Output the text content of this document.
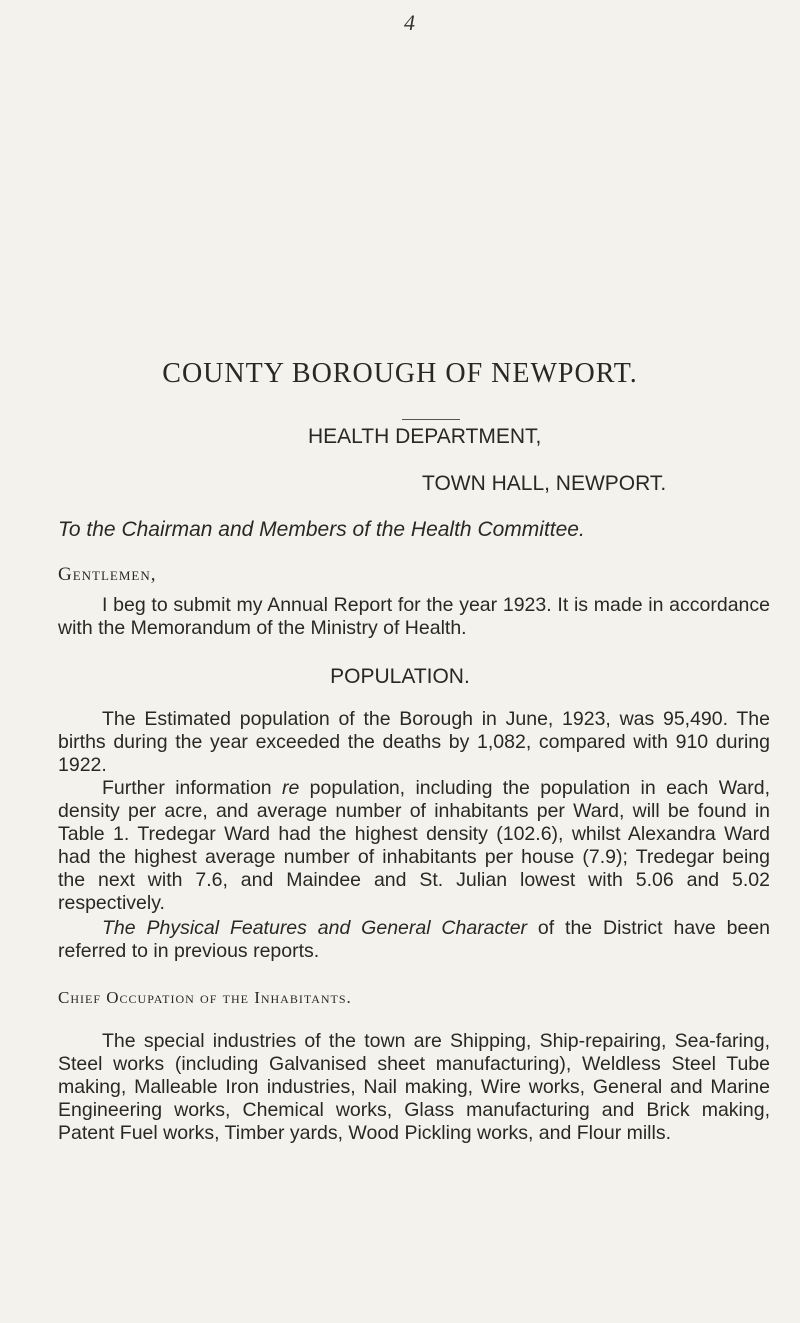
4
COUNTY BOROUGH OF NEWPORT.
HEALTH DEPARTMENT,
TOWN HALL, NEWPORT.
To the Chairman and Members of the Health Committee.
Gentlemen,
I beg to submit my Annual Report for the year 1923. It is made in accordance with the Memorandum of the Ministry of Health.
POPULATION.
The Estimated population of the Borough in June, 1923, was 95,490. The births during the year exceeded the deaths by 1,082, compared with 910 during 1922.
Further information re population, including the population in each Ward, density per acre, and average number of inhabitants per Ward, will be found in Table 1. Tredegar Ward had the highest density (102.6), whilst Alexandra Ward had the highest average number of inhabitants per house (7.9); Tredegar being the next with 7.6, and Maindee and St. Julian lowest with 5.06 and 5.02 respectively.
The Physical Features and General Character of the District have been referred to in previous reports.
Chief Occupation of the Inhabitants.
The special industries of the town are Shipping, Ship-repairing, Sea-faring, Steel works (including Galvanised sheet manufacturing), Weldless Steel Tube making, Malleable Iron industries, Nail making, Wire works, General and Marine Engineering works, Chemical works, Glass manufacturing and Brick making, Patent Fuel works, Timber yards, Wood Pickling works, and Flour mills.
